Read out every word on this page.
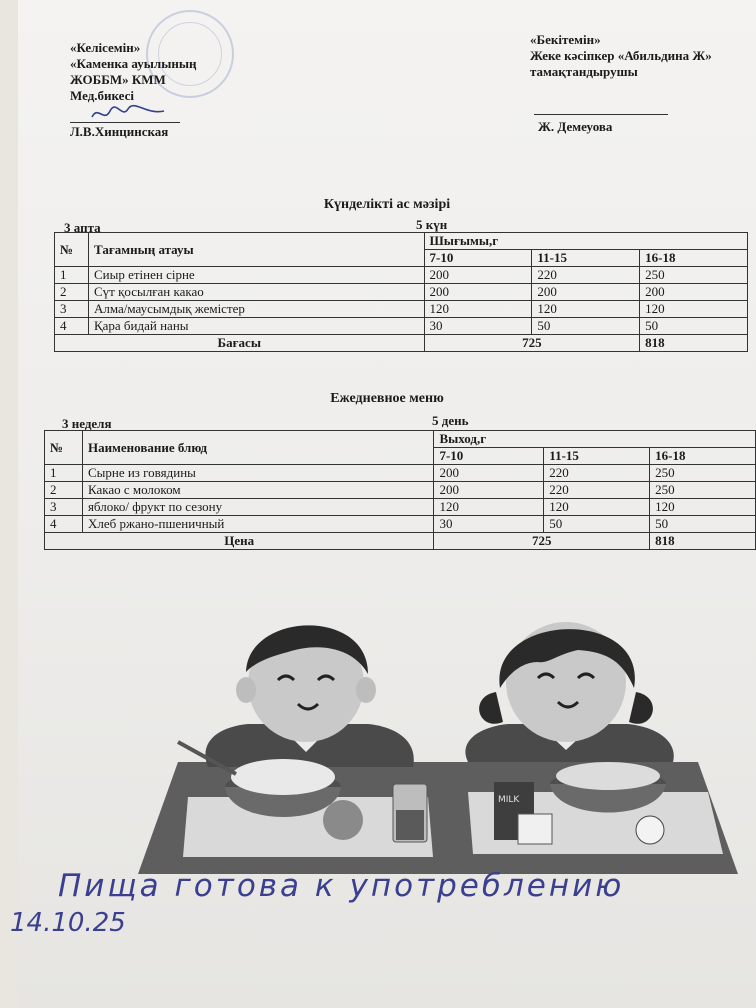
«Келісемін»
«Каменка ауылының
ЖОББМ» КММ
Мед.бикесі
Л.В.Хинцинская
«Бекітемін»
Жеке кәсіпкер «Абильдина Ж»
тамақтандырушы
Ж. Демеуова
Күнделікті ас мәзірі
3 апта	5 күн
№	Тағамның атауы	Шығымы,г		
		7-10	11-15	16-18
1	Сиыр етінен сірне	200	220	250
2	Сүт қосылған какао	200	200	200
3	Алма/маусымдық жемістер	120	120	120
4	Қара бидай наны	30	50	50
Бағасы		725		818
Ежедневное меню
3 неделя	5 день
№	Наименование блюд	Выход,г		
		7-10	11-15	16-18
1	Сырне из говядины	200	220	250
2	Какао с молоком	200	220	250
3	яблоко/ фрукт по сезону	120	120	120
4	Хлеб ржано-пшеничный	30	50	50
Цена		725		818
MILK
Пища готова к употреблению
14.10.25
